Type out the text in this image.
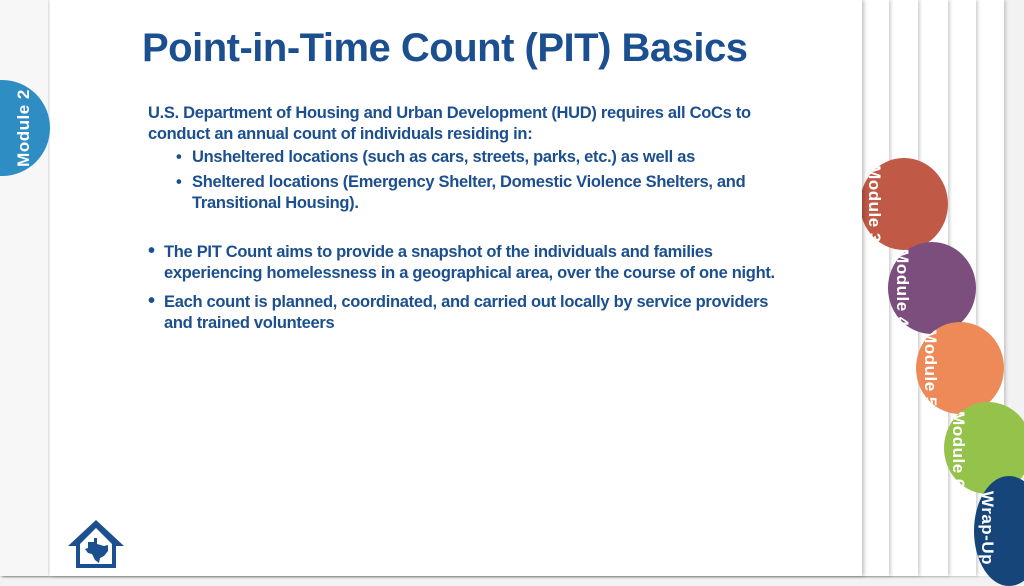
Module 3
Module 4
Module 5
Module 6
Wrap-Up
Module 2
Point-in-Time Count (PIT) Basics

U.S. Department of Housing and Urban Development (HUD) requires all CoCs to conduct an annual count of individuals residing in:

• Unsheltered locations (such as cars, streets, parks, etc.) as well as
• Sheltered locations (Emergency Shelter, Domestic Violence Shelters, and Transitional Housing).
• The PIT Count aims to provide a snapshot of the individuals and families experiencing homelessness in a geographical area, over the course of one night.
• Each count is planned, coordinated, and carried out locally by service providers and trained volunteers
